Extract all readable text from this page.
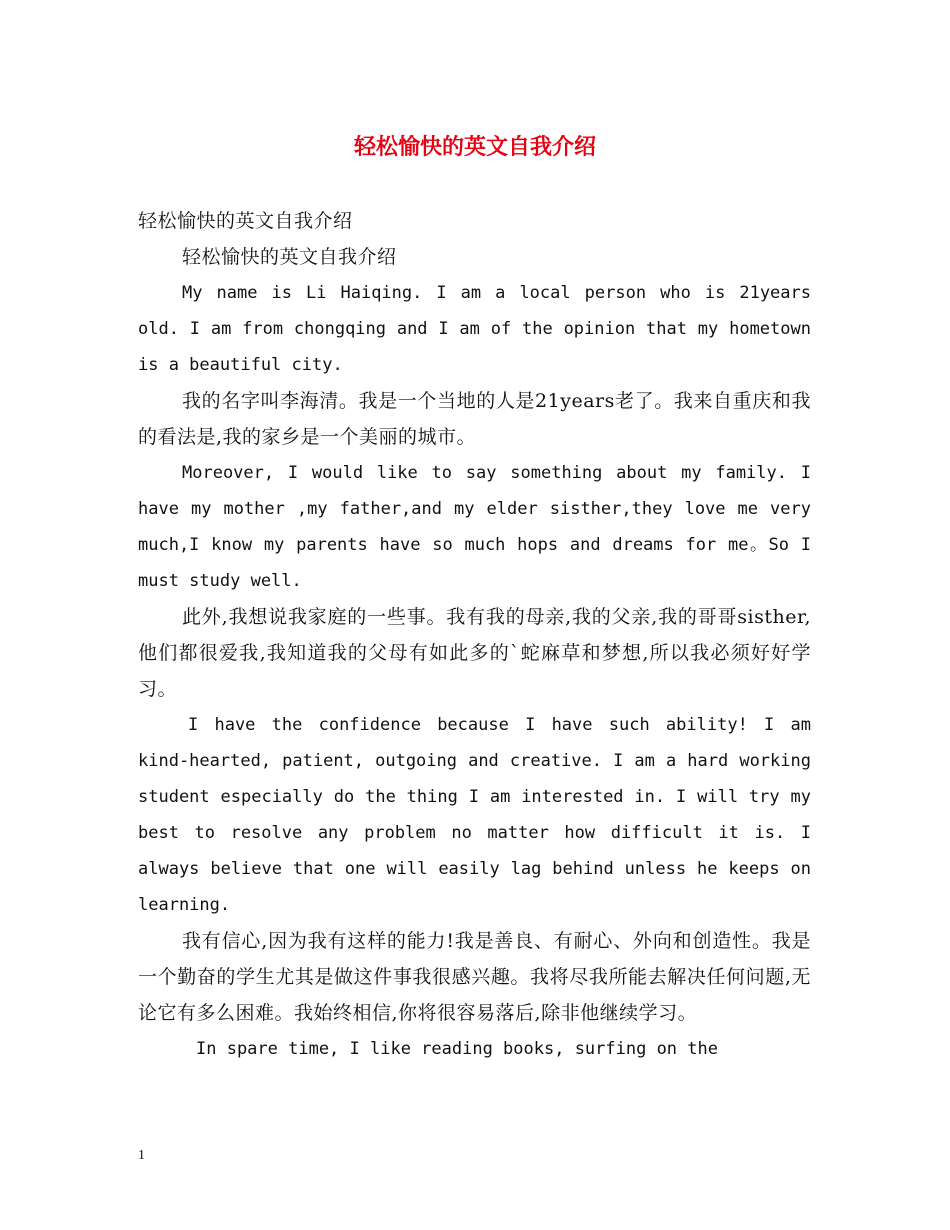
轻松愉快的英文自我介绍

轻松愉快的英文自我介绍

轻松愉快的英文自我介绍

My name is Li Haiqing. I am a local person who is 21years old. I am from chongqing and I am of the opinion that my hometown is a beautiful city.

我的名字叫李海清。我是一个当地的人是21years老了。我来自重庆和我的看法是,我的家乡是一个美丽的城市。

Moreover, I would like to say something about my family. I have my mother ,my father,and my elder sisther,they love me very much,I know my parents have so much hops and dreams for me。So I must study well.

此外,我想说我家庭的一些事。我有我的母亲,我的父亲,我的哥哥sisther,他们都很爱我,我知道我的父母有如此多的`蛇麻草和梦想,所以我必须好好学习。

I have the confidence because I have such ability! I am kind-hearted, patient, outgoing and creative. I am a hard working student especially do the thing I am interested in. I will try my best to resolve any problem no matter how difficult it is. I always believe that one will easily lag behind unless he keeps on learning.

我有信心,因为我有这样的能力!我是善良、有耐心、外向和创造性。我是一个勤奋的学生尤其是做这件事我很感兴趣。我将尽我所能去解决任何问题,无论它有多么困难。我始终相信,你将很容易落后,除非他继续学习。

In spare time, I like reading books, surfing on the

1
